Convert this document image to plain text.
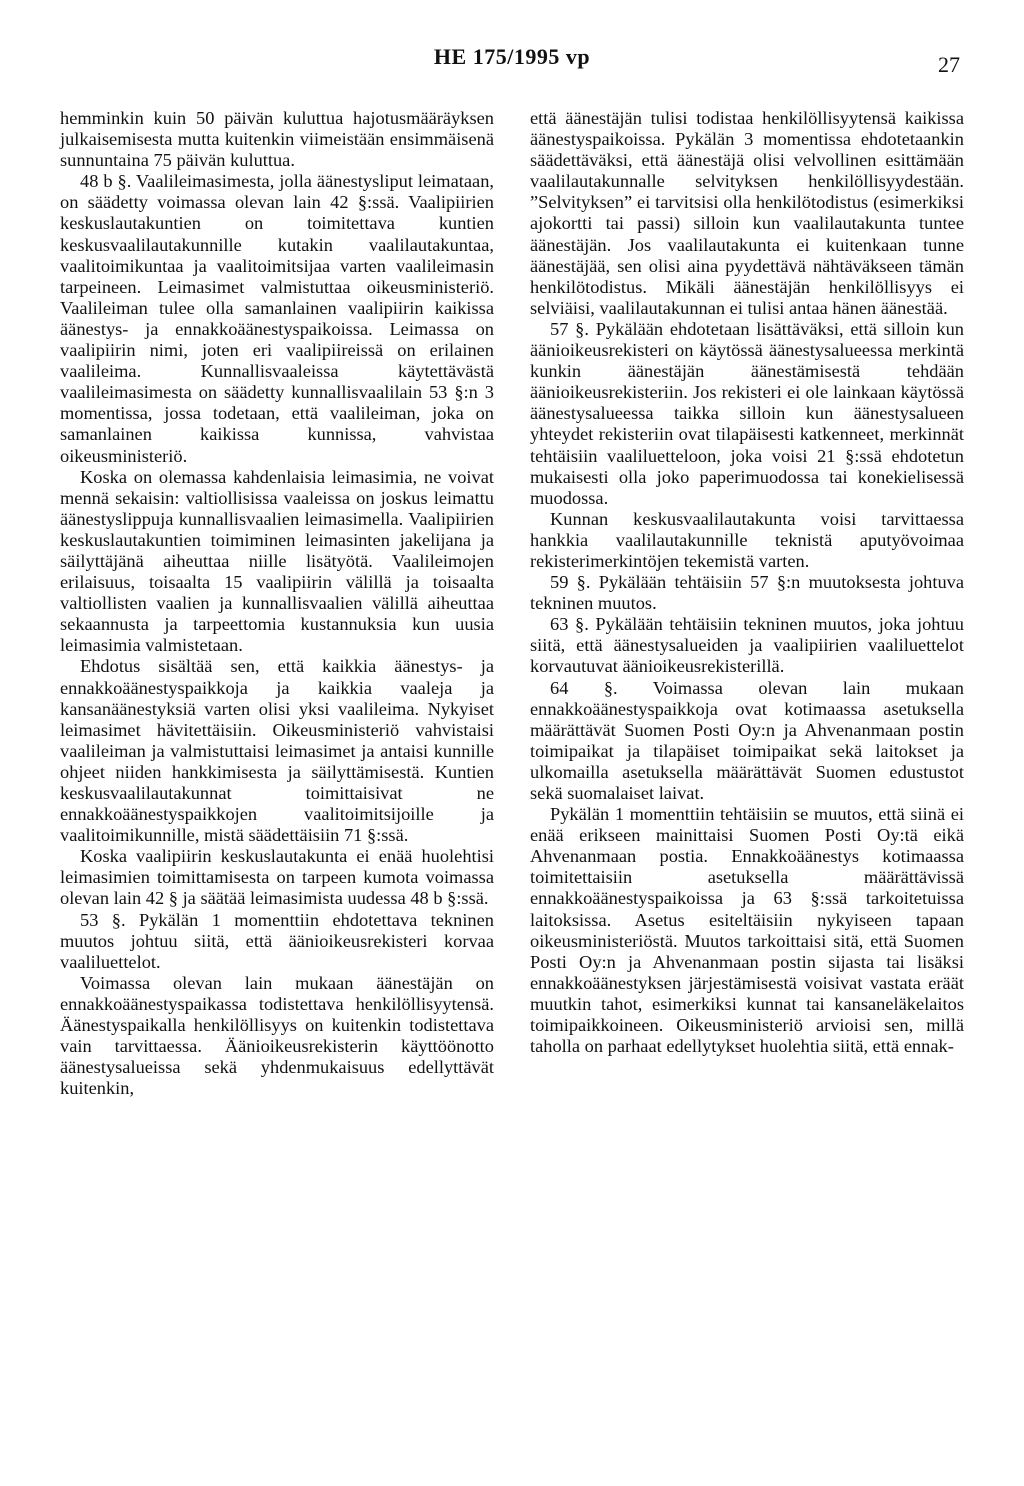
HE 175/1995 vp	27

hemminkin kuin 50 päivän kuluttua hajotusmääräyksen julkaisemisesta mutta kuitenkin viimeistään ensimmäisenä sunnuntaina 75 päivän kuluttua.

48 b §. Vaalileimasimesta, jolla äänestysliput leimataan, on säädetty voimassa olevan lain 42 §:ssä. Vaalipiirien keskuslautakuntien on toimitettava kuntien keskusvaalilautakunnille kutakin vaalilautakuntaa, vaalitoimikuntaa ja vaalitoimitsijaa varten vaalileimasin tarpeineen. Leimasimet valmistuttaa oikeusministeriö. Vaalileiman tulee olla samanlainen vaalipiirin kaikissa äänestys- ja ennakkoäänestyspaikoissa. Leimassa on vaalipiirin nimi, joten eri vaalipiireissä on erilainen vaalileima. Kunnallisvaaleissa käytettävästä vaalileimasimesta on säädetty kunnallisvaalilain 53 §:n 3 momentissa, jossa todetaan, että vaalileiman, joka on samanlainen kaikissa kunnissa, vahvistaa oikeusministeriö.

Koska on olemassa kahdenlaisia leimasimia, ne voivat mennä sekaisin: valtiollisissa vaaleissa on joskus leimattu äänestyslippuja kunnallisvaalien leimasimella. Vaalipiirien keskuslautakuntien toimiminen leimasinten jakelijana ja säilyttäjänä aiheuttaa niille lisätyötä. Vaalileimojen erilaisuus, toisaalta 15 vaalipiirin välillä ja toisaalta valtiollisten vaalien ja kunnallisvaalien välillä aiheuttaa sekaannusta ja tarpeettomia kustannuksia kun uusia leimasimia valmistetaan.

Ehdotus sisältää sen, että kaikkia äänestys- ja ennakkoäänestyspaikkoja ja kaikkia vaaleja ja kansanäänestyksiä varten olisi yksi vaalileima. Nykyiset leimasimet hävitettäisiin. Oikeusministeriö vahvistaisi vaalileiman ja valmistuttaisi leimasimet ja antaisi kunnille ohjeet niiden hankkimisesta ja säilyttämisestä. Kuntien keskusvaalilautakunnat toimittaisivat ne ennakkoäänestyspaikkojen vaalitoimitsijoille ja vaalitoimikunnille, mistä säädettäisiin 71 §:ssä.

Koska vaalipiirin keskuslautakunta ei enää huolehtisi leimasimien toimittamisesta on tarpeen kumota voimassa olevan lain 42 § ja säätää leimasimista uudessa 48 b §:ssä.

53 §. Pykälän 1 momenttiin ehdotettava tekninen muutos johtuu siitä, että äänioikeusrekisteri korvaa vaaliluettelot.

Voimassa olevan lain mukaan äänestäjän on ennakkoäänestyspaikassa todistettava henkilöllisyytensä. Äänestyspaikalla henkilöllisyys on kuitenkin todistettava vain tarvittaessa. Äänioikeusrekisterin käyttöönotto äänestysalueissa sekä yhdenmukaisuus edellyttävät kuitenkin,

että äänestäjän tulisi todistaa henkilöllisyytensä kaikissa äänestyspaikoissa. Pykälän 3 momentissa ehdotetaankin säädettäväksi, että äänestäjä olisi velvollinen esittämään vaalilautakunnalle selvityksen henkilöllisyydestään. ”Selvityksen” ei tarvitsisi olla henkilötodistus (esimerkiksi ajokortti tai passi) silloin kun vaalilautakunta tuntee äänestäjän. Jos vaalilautakunta ei kuitenkaan tunne äänestäjää, sen olisi aina pyydettävä nähtäväkseen tämän henkilötodistus. Mikäli äänestäjän henkilöllisyys ei selviäisi, vaalilautakunnan ei tulisi antaa hänen äänestää.

57 §. Pykälään ehdotetaan lisättäväksi, että silloin kun äänioikeusrekisteri on käytössä äänestysalueessa merkintä kunkin äänestäjän äänestämisestä tehdään äänioikeusrekisteriin. Jos rekisteri ei ole lainkaan käytössä äänestysalueessa taikka silloin kun äänestysalueen yhteydet rekisteriin ovat tilapäisesti katkenneet, merkinnät tehtäisiin vaaliluetteloon, joka voisi 21 §:ssä ehdotetun mukaisesti olla joko paperimuodossa tai konekielisessä muodossa.

Kunnan keskusvaalilautakunta voisi tarvittaessa hankkia vaalilautakunnille teknistä aputyövoimaa rekisterimerkintöjen tekemistä varten.

59 §. Pykälään tehtäisiin 57 §:n muutoksesta johtuva tekninen muutos.

63 §. Pykälään tehtäisiin tekninen muutos, joka johtuu siitä, että äänestysalueiden ja vaalipiirien vaaliluettelot korvautuvat äänioikeusrekisterillä.

64 §. Voimassa olevan lain mukaan ennakkoäänestyspaikkoja ovat kotimaassa asetuksella määrättävät Suomen Posti Oy:n ja Ahvenanmaan postin toimipaikat ja tilapäiset toimipaikat sekä laitokset ja ulkomailla asetuksella määrättävät Suomen edustustot sekä suomalaiset laivat.

Pykälän 1 momenttiin tehtäisiin se muutos, että siinä ei enää erikseen mainittaisi Suomen Posti Oy:tä eikä Ahvenanmaan postia. Ennakkoäänestys kotimaassa toimitettaisiin asetuksella määrättävissä ennakkoäänestyspaikoissa ja 63 §:ssä tarkoitetuissa laitoksissa. Asetus esiteltäisiin nykyiseen tapaan oikeusministeriöstä. Muutos tarkoittaisi sitä, että Suomen Posti Oy:n ja Ahvenanmaan postin sijasta tai lisäksi ennakkoäänestyksen järjestämisestä voisivat vastata eräät muutkin tahot, esimerkiksi kunnat tai kansaneläkelaitos toimipaikkoineen. Oikeusministeriö arvioisi sen, millä taholla on parhaat edellytykset huolehtia siitä, että ennak-
